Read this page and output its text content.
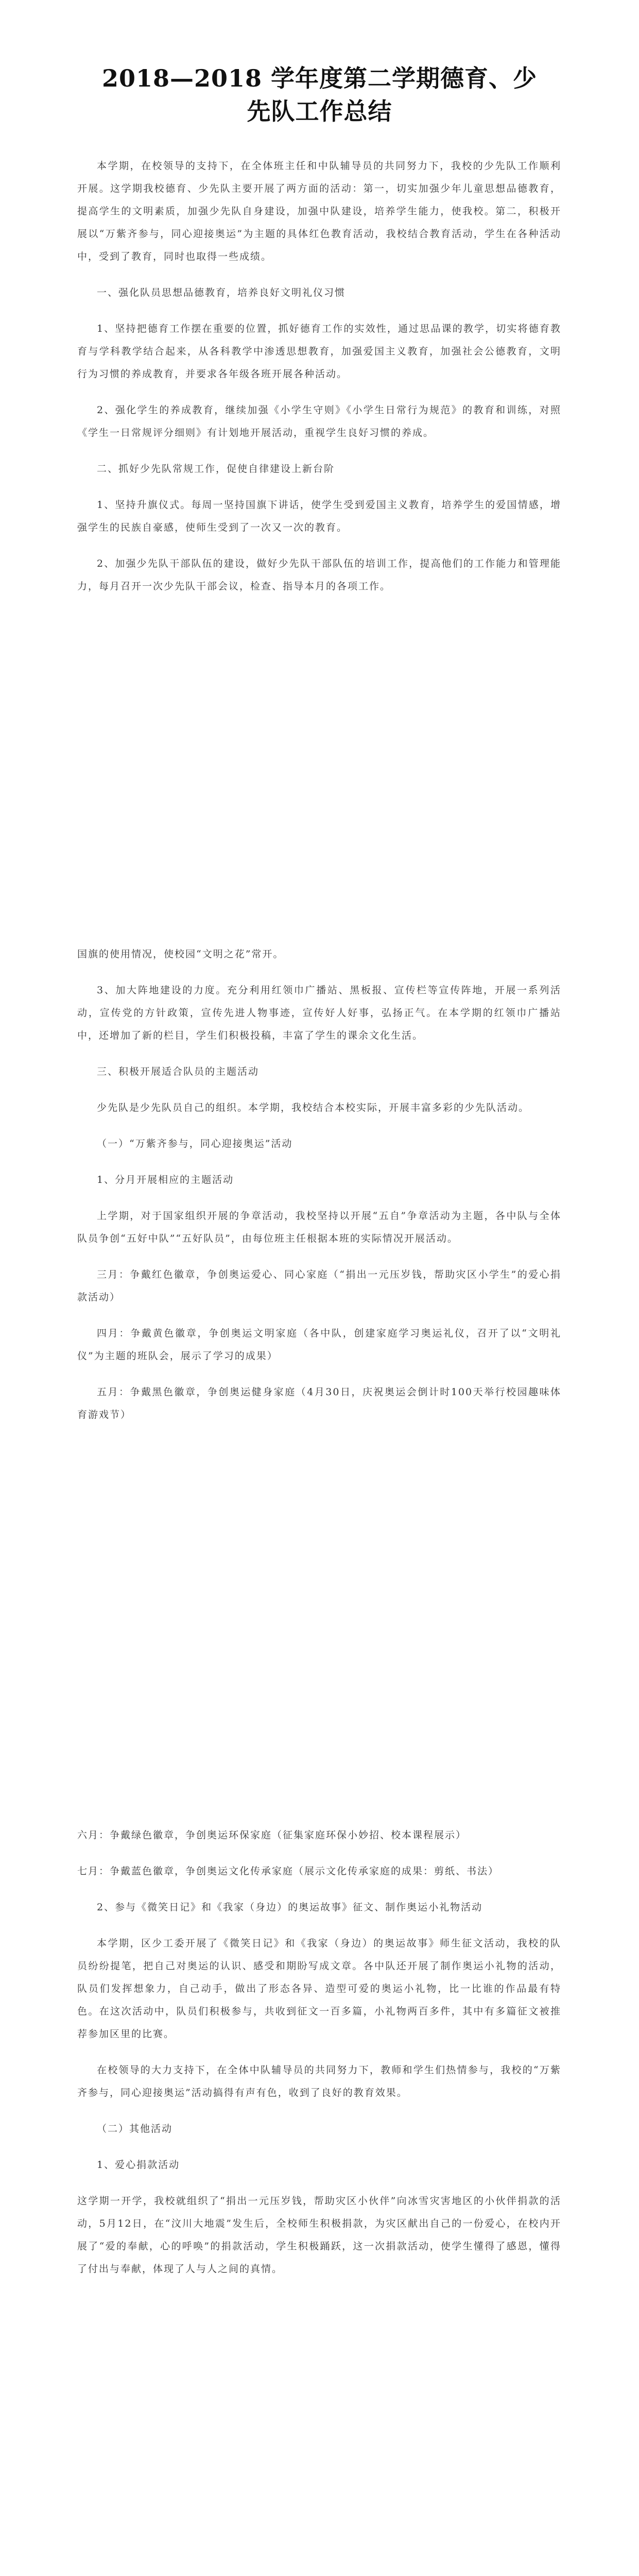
2018—2018 学年度第二学期德育、少先队工作总结

本学期，在校领导的支持下，在全体班主任和中队辅导员的共同努力下，我校的少先队工作顺利开展。这学期我校德育、少先队主要开展了两方面的活动：第一，切实加强少年儿童思想品德教育，提高学生的文明素质，加强少先队自身建设，加强中队建设，培养学生能力，使我校。第二，积极开展以“万紫齐参与，同心迎接奥运”为主题的具体红色教育活动，我校结合教育活动，学生在各种活动中，受到了教育，同时也取得一些成绩。

一、强化队员思想品德教育，培养良好文明礼仪习惯

1、坚持把德育工作摆在重要的位置，抓好德育工作的实效性，通过思品课的教学，切实将德育教育与学科教学结合起来，从各科教学中渗透思想教育，加强爱国主义教育，加强社会公德教育，文明行为习惯的养成教育，并要求各年级各班开展各种活动。

2、强化学生的养成教育，继续加强《小学生守则》《小学生日常行为规范》的教育和训练，对照《学生一日常规评分细则》有计划地开展活动，重视学生良好习惯的养成。

二、抓好少先队常规工作，促使自律建设上新台阶

1、坚持升旗仪式。每周一坚持国旗下讲话，使学生受到爱国主义教育，培养学生的爱国情感，增强学生的民族自豪感，使师生受到了一次又一次的教育。

2、加强少先队干部队伍的建设，做好少先队干部队伍的培训工作，提高他们的工作能力和管理能力，每月召开一次少先队干部会议，检查、指导本月的各项工作。

国旗的使用情况，使校园“文明之花”常开。

3、加大阵地建设的力度。充分利用红领巾广播站、黑板报、宣传栏等宣传阵地，开展一系列活动，宣传党的方针政策，宣传先进人物事迹，宣传好人好事，弘扬正气。在本学期的红领巾广播站中，还增加了新的栏目，学生们积极投稿，丰富了学生的课余文化生活。

三、积极开展适合队员的主题活动

少先队是少先队员自己的组织。本学期，我校结合本校实际，开展丰富多彩的少先队活动。

（一）“万紫齐参与，同心迎接奥运”活动

1、分月开展相应的主题活动

上学期，对于国家组织开展的争章活动，我校坚持以开展“五自”争章活动为主题，各中队与全体队员争创“五好中队”“五好队员”，由每位班主任根据本班的实际情况开展活动。

三月：争戴红色徽章，争创奥运爱心、同心家庭（“捐出一元压岁钱，帮助灾区小学生”的爱心捐款活动）

四月：争戴黄色徽章，争创奥运文明家庭（各中队，创建家庭学习奥运礼仪，召开了以“文明礼仪”为主题的班队会，展示了学习的成果）

五月：争戴黑色徽章，争创奥运健身家庭（4月30日，庆祝奥运会倒计时100天举行校园趣味体育游戏节）

六月：争戴绿色徽章，争创奥运环保家庭（征集家庭环保小妙招、校本课程展示）

七月：争戴蓝色徽章，争创奥运文化传承家庭（展示文化传承家庭的成果：剪纸、书法）

2、参与《微笑日记》和《我家（身边）的奥运故事》征文、制作奥运小礼物活动

本学期，区少工委开展了《微笑日记》和《我家（身边）的奥运故事》师生征文活动，我校的队员纷纷提笔，把自己对奥运的认识、感受和期盼写成文章。各中队还开展了制作奥运小礼物的活动，队员们发挥想象力，自己动手，做出了形态各异、造型可爱的奥运小礼物，比一比谁的作品最有特色。在这次活动中，队员们积极参与，共收到征文一百多篇，小礼物两百多件，其中有多篇征文被推荐参加区里的比赛。

在校领导的大力支持下，在全体中队辅导员的共同努力下，教师和学生们热情参与，我校的“万紫齐参与，同心迎接奥运”活动搞得有声有色，收到了良好的教育效果。

（二）其他活动

1、爱心捐款活动

这学期一开学，我校就组织了“捐出一元压岁钱，帮助灾区小伙伴”向冰雪灾害地区的小伙伴捐款的活动，5月12日，在“汶川大地震”发生后，全校师生积极捐款，为灾区献出自己的一份爱心，在校内开展了“爱的奉献，心的呼唤”的捐款活动，学生积极踊跃，这一次捐款活动，使学生懂得了感恩，懂得了付出与奉献，体现了人与人之间的真情。
